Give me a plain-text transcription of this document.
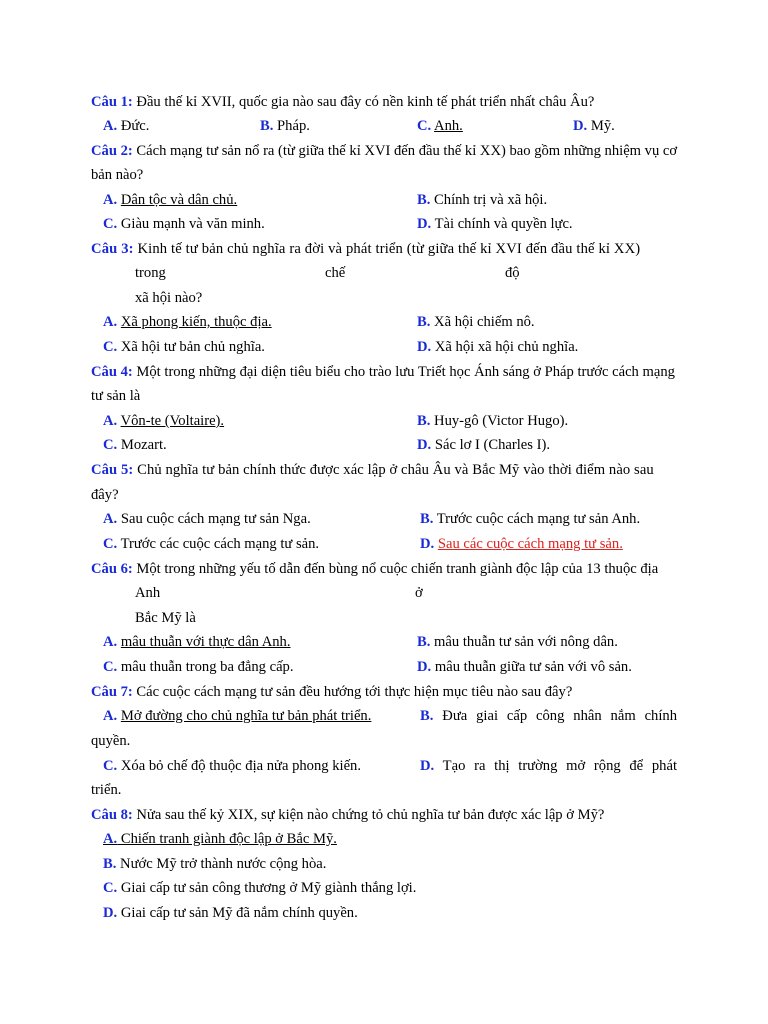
Câu 1: Đầu thế kỉ XVII, quốc gia nào sau đây có nền kinh tế phát triển nhất châu Âu?
A. Đức.	B. Pháp.	C. Anh.	D. Mỹ.
Câu 2: Cách mạng tư sản nổ ra (từ giữa thế kỉ XVI đến đầu thế kỉ XX) bao gồm những nhiệm vụ cơ
bản nào?
A. Dân tộc và dân chủ.	B. Chính trị và xã hội.
C. Giàu mạnh và văn minh.	D. Tài chính và quyền lực.
Câu 3: Kinh tế tư bản chủ nghĩa ra đời và phát triển (từ giữa thế kỉ XVI đến đầu thế kỉ XX)
trong	chế	độ
xã hội nào?
A. Xã phong kiến, thuộc địa.	B. Xã hội chiếm nô.
C. Xã hội tư bản chủ nghĩa.	D. Xã hội xã hội chủ nghĩa.
Câu 4: Một trong những đại diện tiêu biểu cho trào lưu Triết học Ánh sáng ở Pháp trước cách mạng
tư sản là
A. Vôn-te (Voltaire).	B. Huy-gô (Victor Hugo).
C. Mozart.	D. Sác lơ I (Charles I).
Câu 5: Chủ nghĩa tư bản chính thức được xác lập ở châu Âu và Bắc Mỹ vào thời điểm nào sau
đây?
A. Sau cuộc cách mạng tư sản Nga.	B. Trước cuộc cách mạng tư sản Anh.
C. Trước các cuộc cách mạng tư sản.	D. Sau các cuộc cách mạng tư sản.
Câu 6: Một trong những yếu tố dẫn đến bùng nổ cuộc chiến tranh giành độc lập của 13 thuộc địa
Anh	ở
Bắc Mỹ là
A. mâu thuẫn với thực dân Anh.	B. mâu thuẫn tư sản với nông dân.
C. mâu thuẫn trong ba đẳng cấp.	D. mâu thuẫn giữa tư sản với vô sản.
Câu 7: Các cuộc cách mạng tư sản đều hướng tới thực hiện mục tiêu nào sau đây?
A. Mở đường cho chủ nghĩa tư bản phát triển.	B. Đưa giai cấp công nhân nắm chính
quyền.
C. Xóa bỏ chế độ thuộc địa nửa phong kiến.	D. Tạo ra thị trường mở rộng để phát
triển.
Câu 8: Nửa sau thế kỷ XIX, sự kiện nào chứng tỏ chủ nghĩa tư bản được xác lập ở Mỹ?
A. Chiến tranh giành độc lập ở Bắc Mỹ.
B. Nước Mỹ trở thành nước cộng hòa.
C. Giai cấp tư sản công thương ở Mỹ giành thắng lợi.
D. Giai cấp tư sản Mỹ đã nắm chính quyền.
